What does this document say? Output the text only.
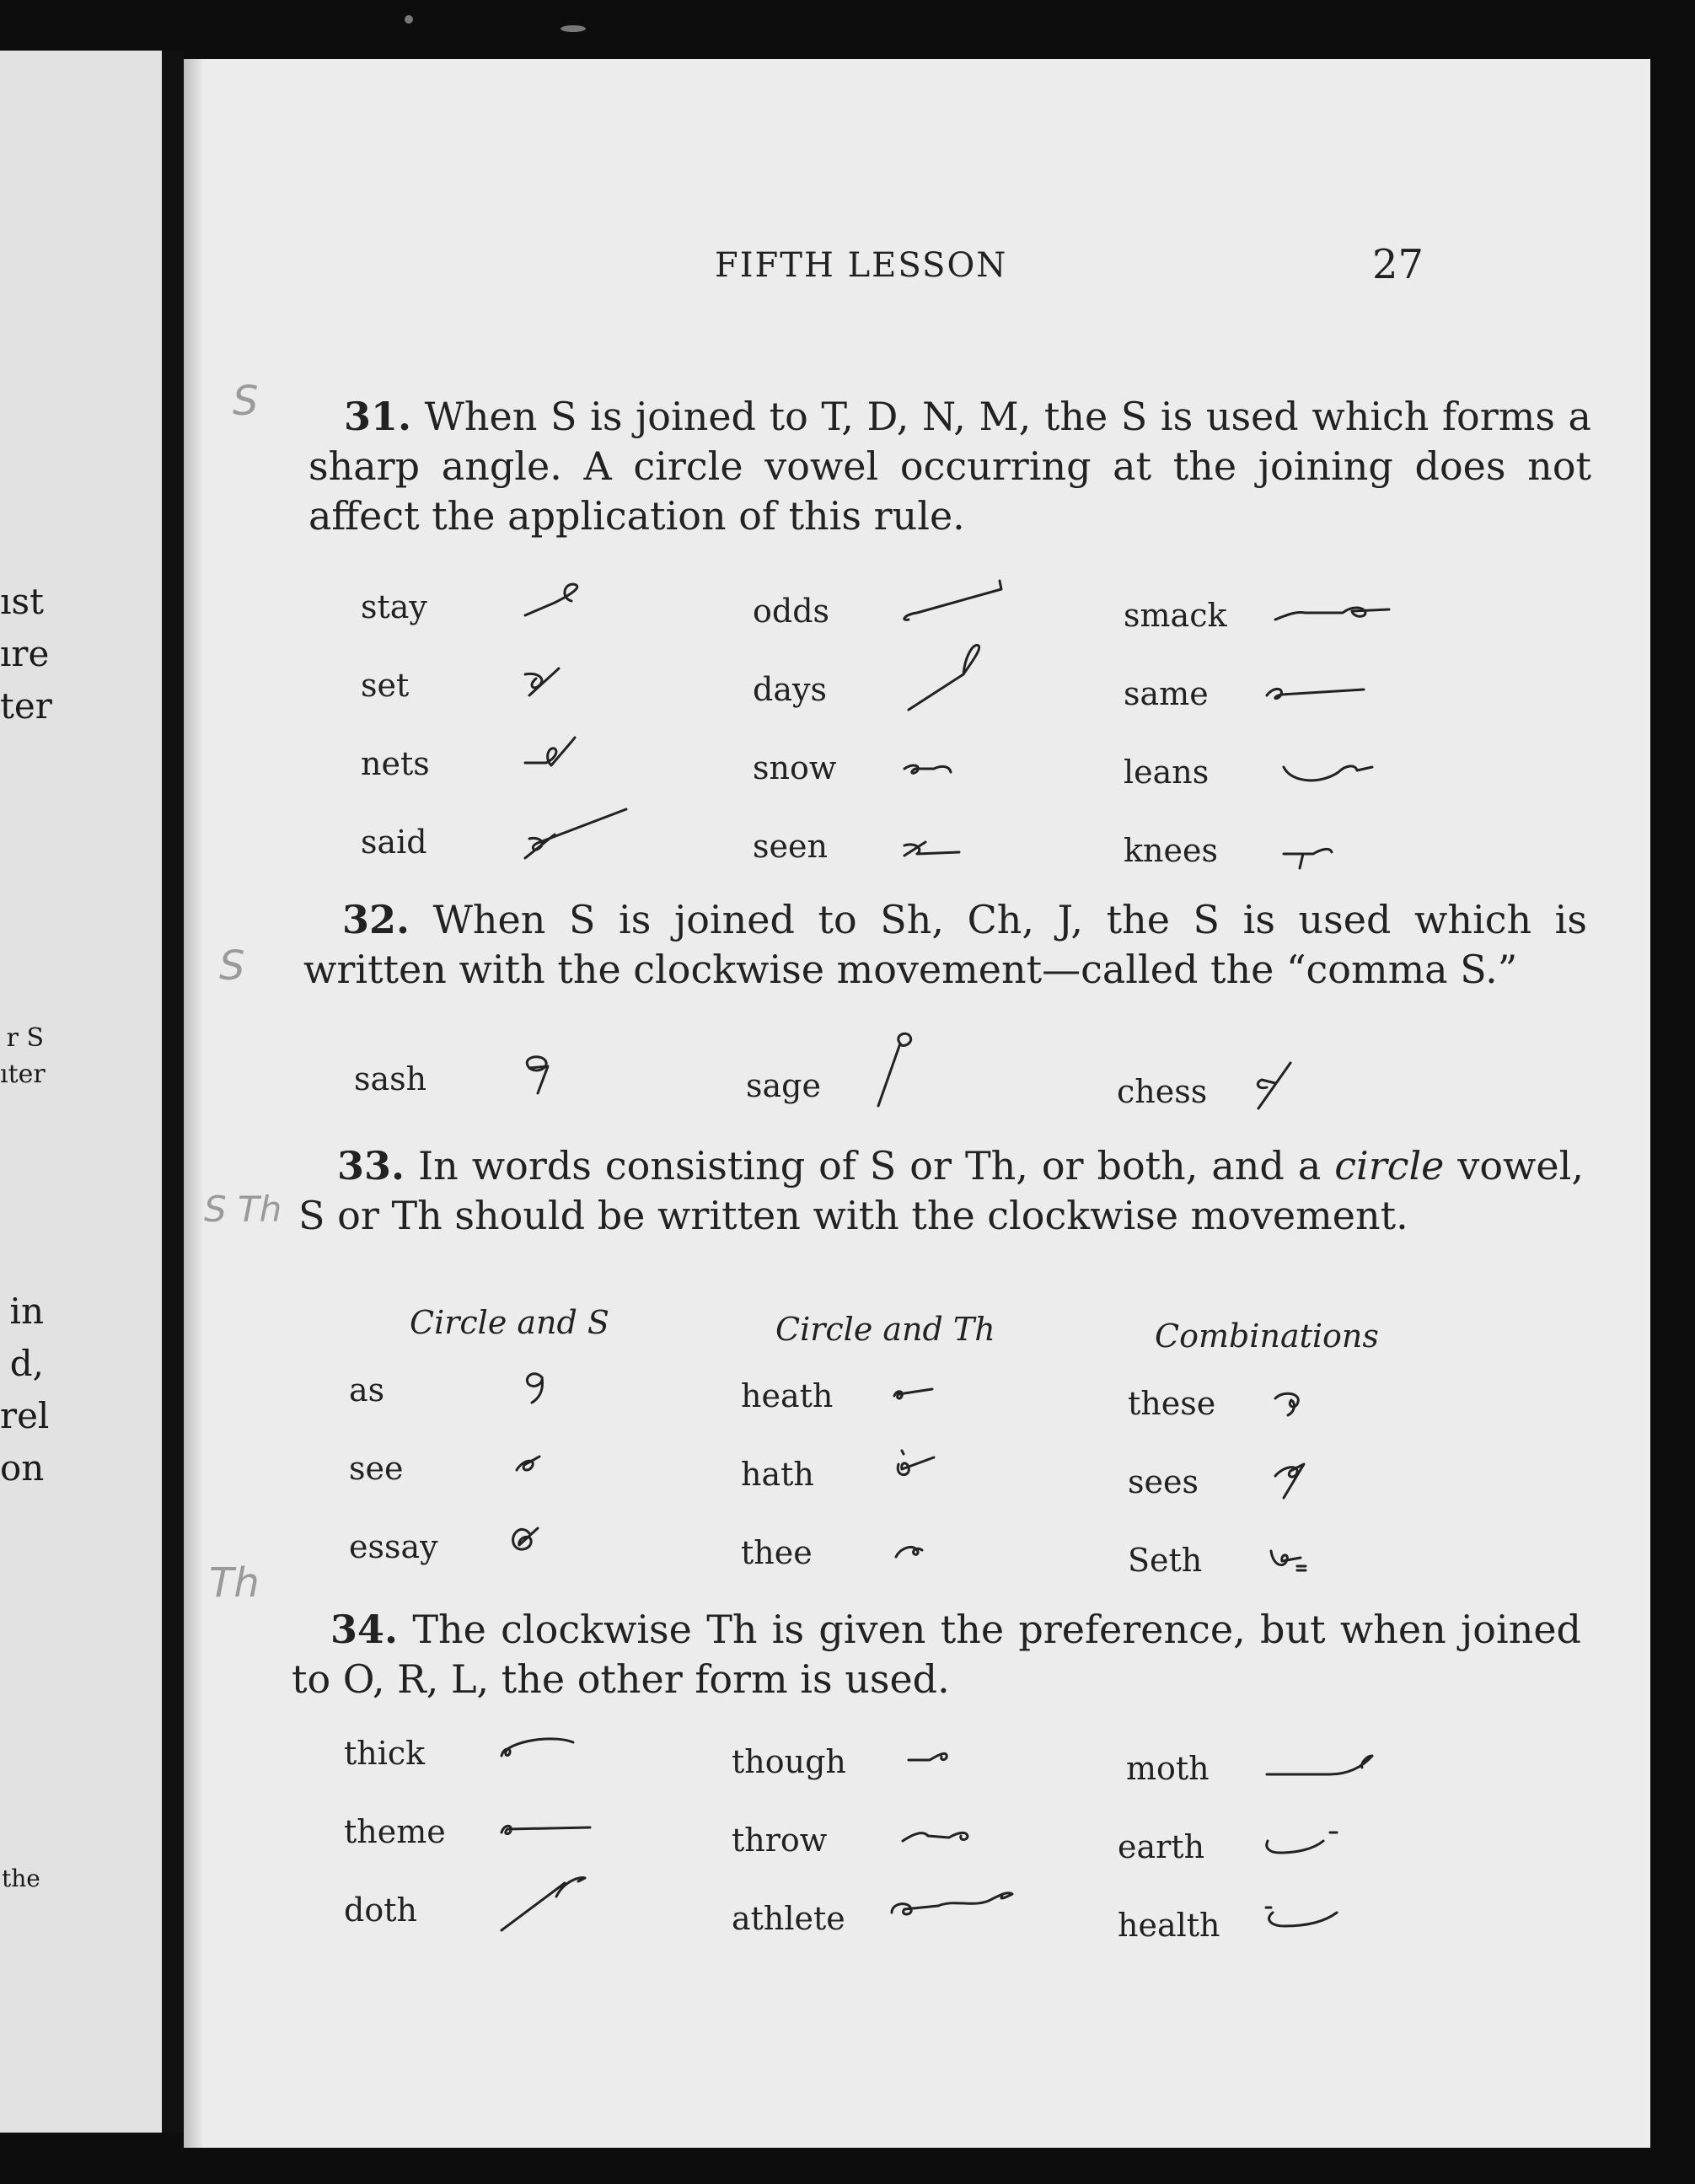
ıst
ıre
ter
r S
ıter
in
d,
rel
on
the
FIFTH LESSON	27
S	31. When S is joined to T, D, N, M, the S is used which forms a sharp angle. A circle vowel occurring at the joining does not affect the application of this rule.

stay	odds	smack
set	days	same
nets	snow	leans
said	seen	knees
S

32. When S is joined to Sh, Ch, J, the S is used which is written with the clockwise movement—called the “comma S.”

sash	sage	chess
S Th

33. In words consisting of S or Th, or both, and a circle vowel, S or Th should be written with the clockwise movement.

Circle and S	Circle and Th	Combinations
as	heath	these
see	hath	sees
essay	thee	Seth
Th

34. The clockwise Th is given the preference, but when joined to O, R, L, the other form is used.

thick	though	moth
theme	throw	earth
doth	athlete	health
